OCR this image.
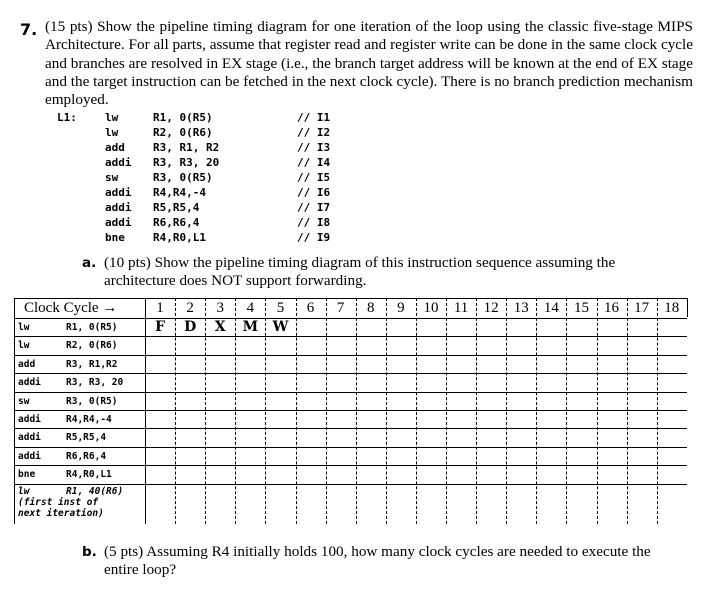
7. (15 pts) Show the pipeline timing diagram for one iteration of the loop using the classic five-stage MIPS Architecture. For all parts, assume that register read and register write can be done in the same clock cycle and branches are resolved in EX stage (i.e., the branch target address will be known at the end of EX stage and the target instruction can be fetched in the next clock cycle). There is no branch prediction mechanism employed.
L1:	lw	R1, 0(R5)	// I1
lw	R2, 0(R6)	// I2
add	R3, R1, R2	// I3
addi R3, R3, 20	// I4
sw	R3, 0(R5)	// I5
addi R4,R4,-4	// I6
addi R5,R5,4	// I7
addi R6,R6,4	// I8
bne	R4,R0,L1	// I9
a. (10 pts) Show the pipeline timing diagram of this instruction sequence assuming the
architecture does NOT support forwarding.
Clock Cycle →	1	2	3	4	5	6	7	8	9	10	11	12	13	14	15	16	17	18
lw	R1, 0(R5)	F	D	X	M	W
lw	R2, 0(R6)
add	R3, R1,R2
addi	R3, R3, 20
sw	R3, 0(R5)
addi	R4,R4,-4
addi	R5,R5,4
addi	R6,R6,4
bne	R4,R0,L1
lw	R1, 40(R6)
(first inst of
next iteration)
b. (5 pts) Assuming R4 initially holds 100, how many clock cycles are needed to execute the
entire loop?
